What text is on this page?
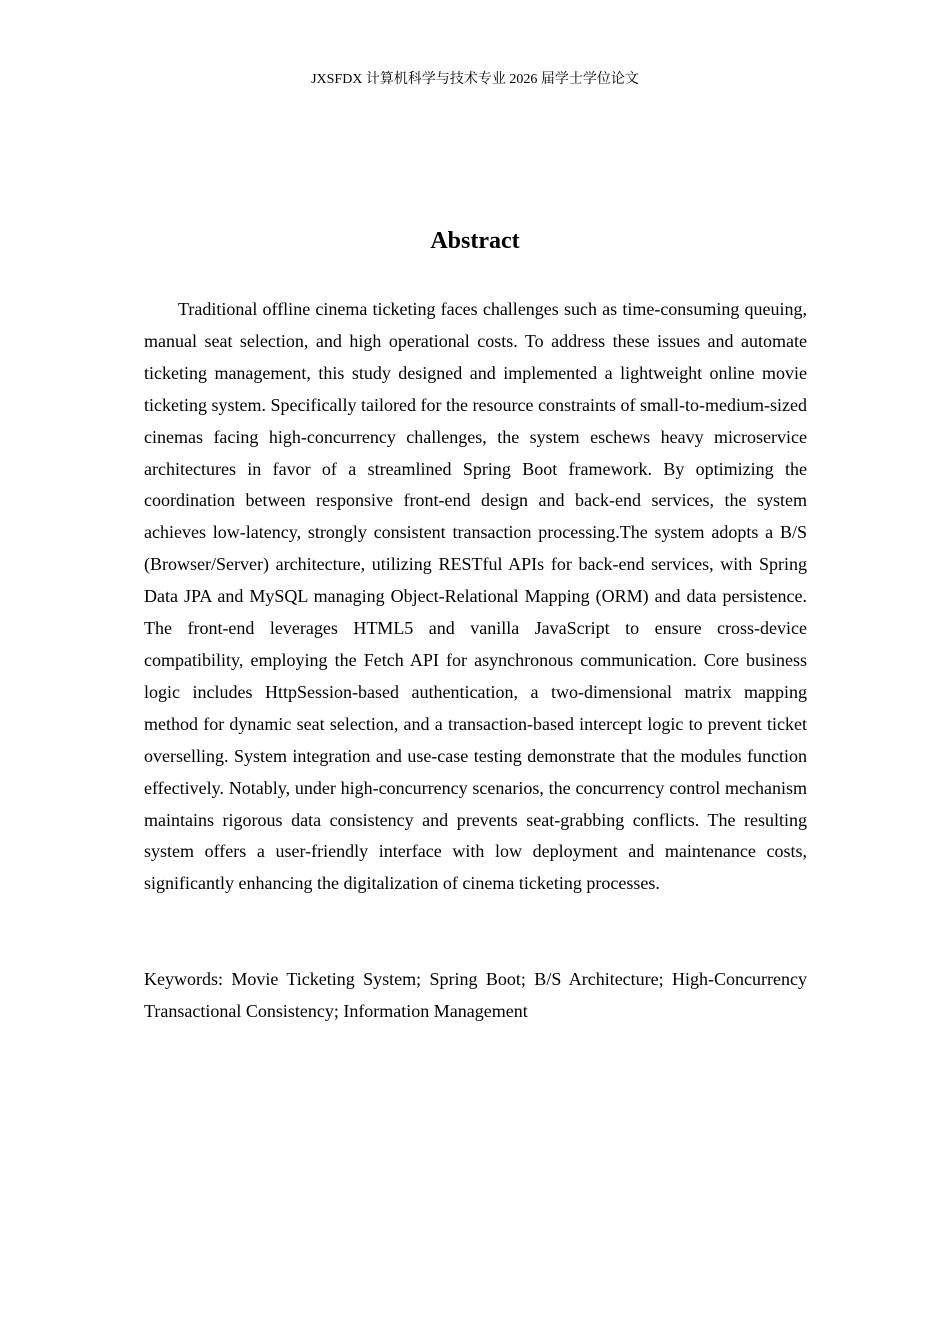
JXSFDX 计算机科学与技术专业 2026 届学士学位论文
Abstract

Traditional offline cinema ticketing faces challenges such as time-consuming queuing, manual seat selection, and high operational costs. To address these issues and automate ticketing management, this study designed and implemented a lightweight online movie ticketing system. Specifically tailored for the resource constraints of small-to-medium-sized cinemas facing high-concurrency challenges, the system eschews heavy microservice architectures in favor of a streamlined Spring Boot framework. By optimizing the coordination between responsive front-end design and back-end services, the system achieves low-latency, strongly consistent transaction processing.The system adopts a B/S (Browser/Server) architecture, utilizing RESTful APIs for back-end services, with Spring Data JPA and MySQL managing Object-Relational Mapping (ORM) and data persistence. The front-end leverages HTML5 and vanilla JavaScript to ensure cross-device compatibility, employing the Fetch API for asynchronous communication. Core business logic includes HttpSession-based authentication, a two-dimensional matrix mapping method for dynamic seat selection, and a transaction-based intercept logic to prevent ticket overselling. System integration and use-case testing demonstrate that the modules function effectively. Notably, under high-concurrency scenarios, the concurrency control mechanism maintains rigorous data consistency and prevents seat-grabbing conflicts. The resulting system offers a user-friendly interface with low deployment and maintenance costs, significantly enhancing the digitalization of cinema ticketing processes.

Keywords: Movie Ticketing System; Spring Boot; B/S Architecture; High-Concurrency Transactional Consistency; Information Management
